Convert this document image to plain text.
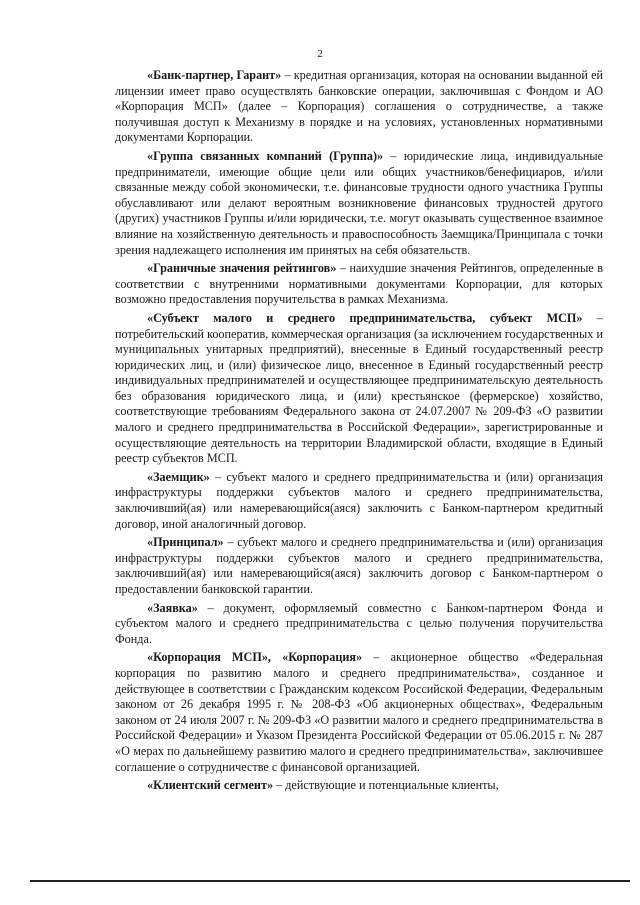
2

«Банк-партнер, Гарант» – кредитная организация, которая на основании выданной ей лицензии имеет право осуществлять банковские операции, заключившая с Фондом и АО «Корпорация МСП» (далее – Корпорация) соглашения о сотрудничестве, а также получившая доступ к Механизму в порядке и на условиях, установленных нормативными документами Корпорации.

«Группа связанных компаний (Группа)» – юридические лица, индивидуальные предприниматели, имеющие общие цели или общих участников/бенефициаров, и/или связанные между собой экономически, т.е. финансовые трудности одного участника Группы обуславливают или делают вероятным возникновение финансовых трудностей другого (других) участников Группы и/или юридически, т.е. могут оказывать существенное взаимное влияние на хозяйственную деятельность и правоспособность Заемщика/Принципала с точки зрения надлежащего исполнения им принятых на себя обязательств.

«Граничные значения рейтингов» – наихудшие значения Рейтингов, определенные в соответствии с внутренними нормативными документами Корпорации, для которых возможно предоставления поручительства в рамках Механизма.

«Субъект малого и среднего предпринимательства, субъект МСП» – потребительский кооператив, коммерческая организация (за исключением государственных и муниципальных унитарных предприятий), внесенные в Единый государственный реестр юридических лиц, и (или) физическое лицо, внесенное в Единый государственный реестр индивидуальных предпринимателей и осуществляющее предпринимательскую деятельность без образования юридического лица, и (или) крестьянское (фермерское) хозяйство, соответствующие требованиям Федерального закона от 24.07.2007 № 209-ФЗ «О развитии малого и среднего предпринимательства в Российской Федерации», зарегистрированные и осуществляющие деятельность на территории Владимирской области, входящие в Единый реестр субъектов МСП.

«Заемщик» – субъект малого и среднего предпринимательства и (или) организация инфраструктуры поддержки субъектов малого и среднего предпринимательства, заключивший(ая) или намеревающийся(аяся) заключить с Банком-партнером кредитный договор, иной аналогичный договор.

«Принципал» – субъект малого и среднего предпринимательства и (или) организация инфраструктуры поддержки субъектов малого и среднего предпринимательства, заключивший(ая) или намеревающийся(аяся) заключить договор с Банком-партнером о предоставлении банковской гарантии.

«Заявка» – документ, оформляемый совместно с Банком-партнером Фонда и субъектом малого и среднего предпринимательства с целью получения поручительства Фонда.

«Корпорация МСП», «Корпорация» – акционерное общество «Федеральная корпорация по развитию малого и среднего предпринимательства», созданное и действующее в соответствии с Гражданским кодексом Российской Федерации, Федеральным законом от 26 декабря 1995 г. № 208-ФЗ «Об акционерных обществах», Федеральным законом от 24 июля 2007 г. № 209-ФЗ «О развитии малого и среднего предпринимательства в Российской Федерации» и Указом Президента Российской Федерации от 05.06.2015 г. № 287 «О мерах по дальнейшему развитию малого и среднего предпринимательства», заключившее соглашение о сотрудничестве с финансовой организацией.

«Клиентский сегмент» – действующие и потенциальные клиенты,
